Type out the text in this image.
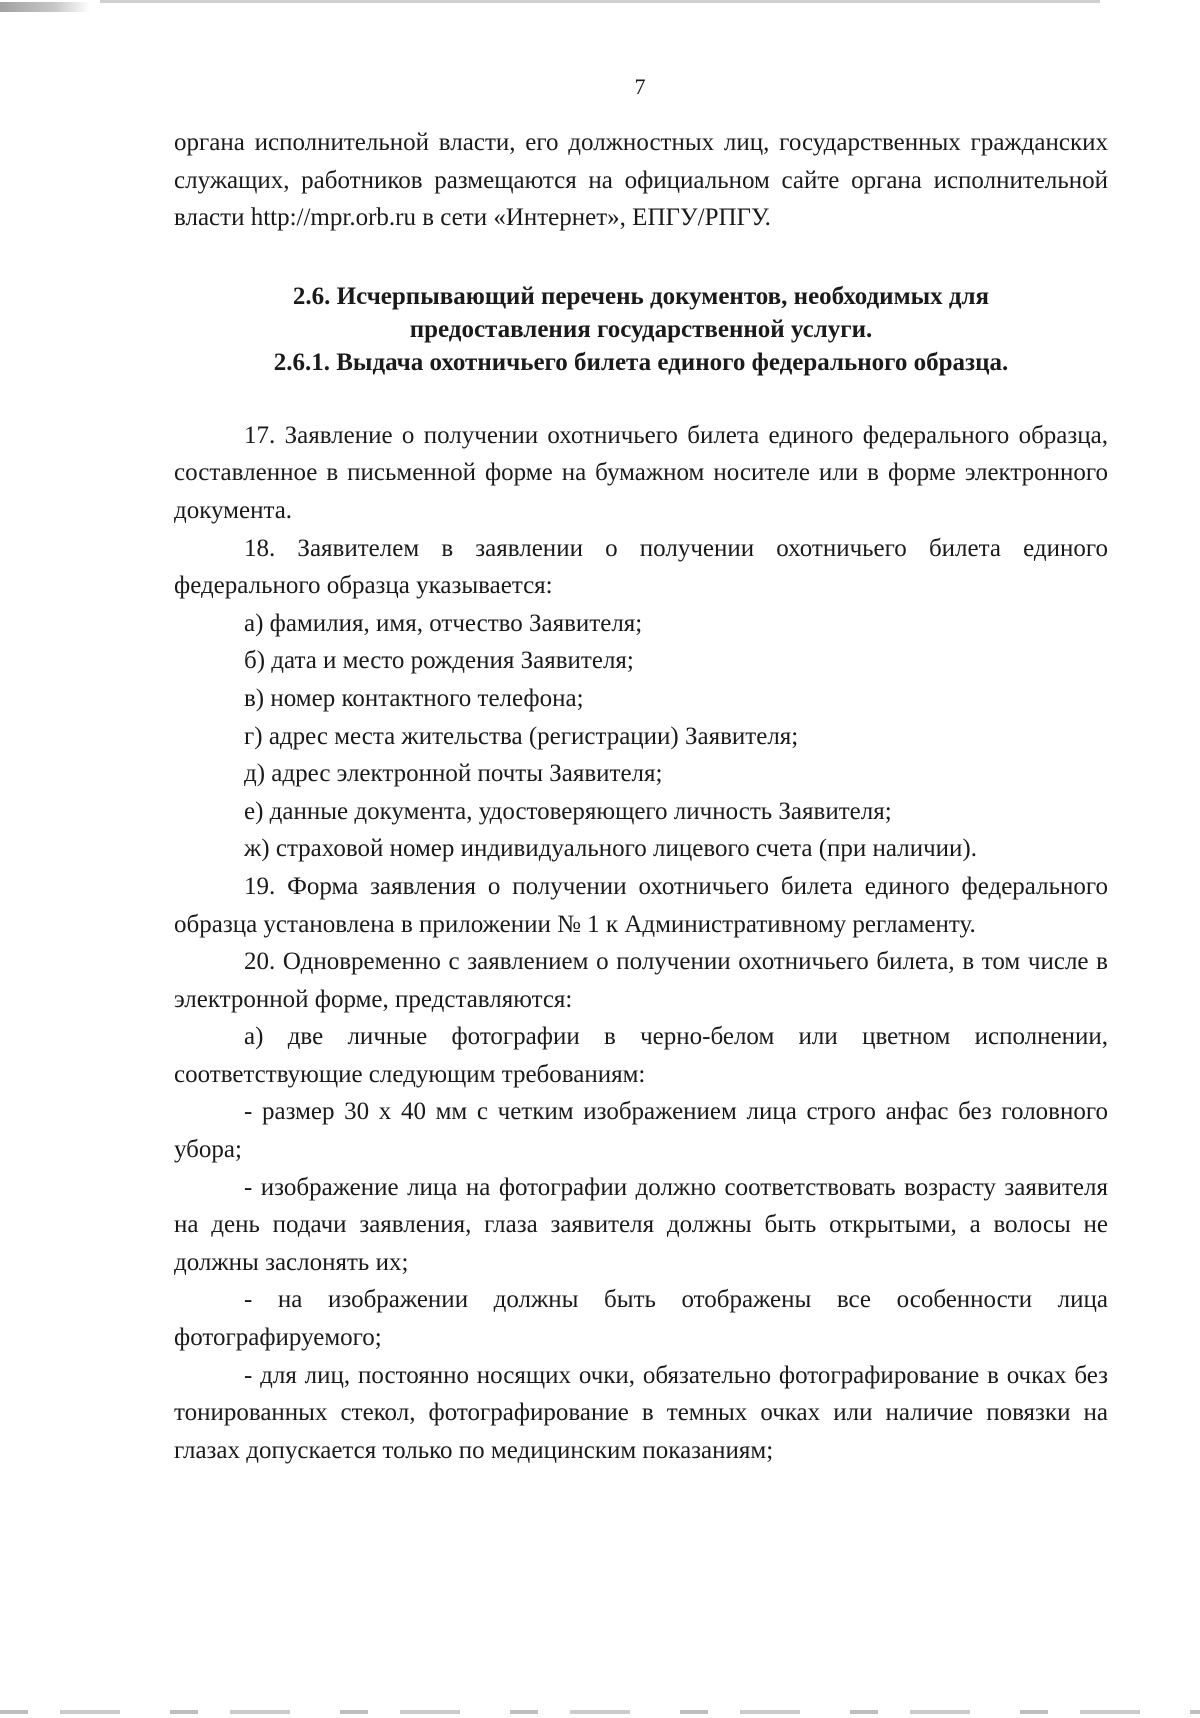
7

органа исполнительной власти, его должностных лиц, государственных гражданских служащих, работников размещаются на официальном сайте органа исполнительной власти http://mpr.orb.ru в сети «Интернет», ЕПГУ/РПГУ.

2.6. Исчерпывающий перечень документов, необходимых для
предоставления государственной услуги.
2.6.1. Выдача охотничьего билета единого федерального образца.

17. Заявление о получении охотничьего билета единого федерального образца, составленное в письменной форме на бумажном носителе или в форме электронного документа.

18. Заявителем в заявлении о получении охотничьего билета единого федерального образца указывается:

а) фамилия, имя, отчество Заявителя;

б) дата и место рождения Заявителя;

в) номер контактного телефона;

г) адрес места жительства (регистрации) Заявителя;

д) адрес электронной почты Заявителя;

е) данные документа, удостоверяющего личность Заявителя;

ж) страховой номер индивидуального лицевого счета (при наличии).

19. Форма заявления о получении охотничьего билета единого федерального образца установлена в приложении № 1 к Административному регламенту.

20. Одновременно с заявлением о получении охотничьего билета, в том числе в электронной форме, представляются:

а) две личные фотографии в черно-белом или цветном исполнении, соответствующие следующим требованиям:

- размер 30 х 40 мм с четким изображением лица строго анфас без головного убора;

- изображение лица на фотографии должно соответствовать возрасту заявителя на день подачи заявления, глаза заявителя должны быть открытыми, а волосы не должны заслонять их;

- на изображении должны быть отображены все особенности лица фотографируемого;

- для лиц, постоянно носящих очки, обязательно фотографирование в очках без тонированных стекол, фотографирование в темных очках или наличие повязки на глазах допускается только по медицинским показаниям;
